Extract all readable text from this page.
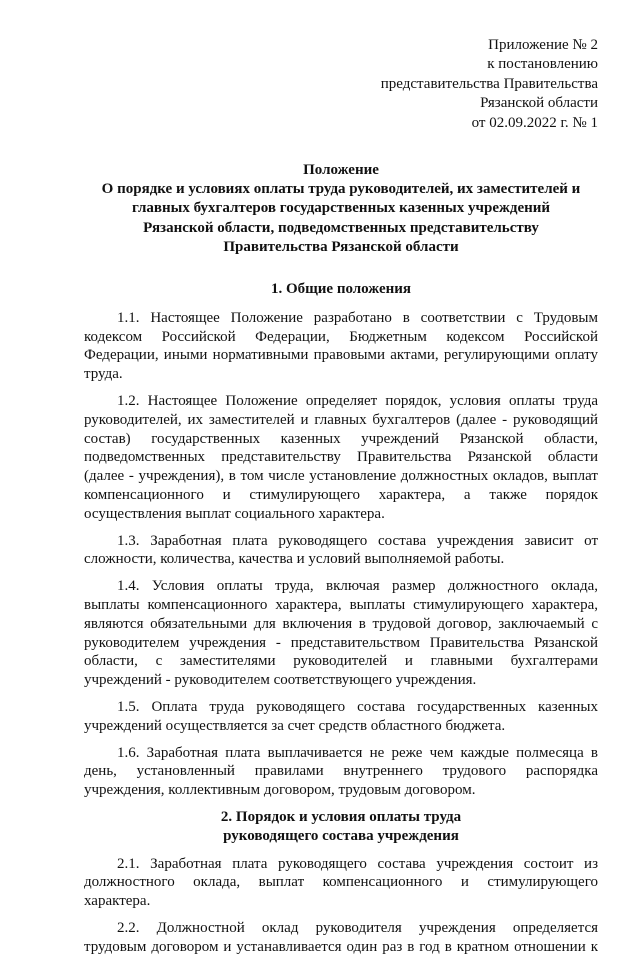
Приложение № 2
к постановлению
представительства Правительства
Рязанской области
от 02.09.2022 г. № 1
Положение
О порядке и условиях оплаты труда руководителей, их заместителей и
главных бухгалтеров государственных казенных учреждений
Рязанской области, подведомственных представительству
Правительства Рязанской области
1. Общие положения
1.1. Настоящее Положение разработано в соответствии с Трудовым
кодексом Российской Федерации, Бюджетным кодексом Российской
Федерации, иными нормативными правовыми актами, регулирующими оплату
труда.
1.2. Настоящее Положение определяет порядок, условия оплаты труда
руководителей, их заместителей и главных бухгалтеров (далее - руководящий
состав) государственных казенных учреждений Рязанской области,
подведомственных представительству Правительства Рязанской области
(далее - учреждения), в том числе установление должностных окладов, выплат
компенсационного и стимулирующего характера, а также порядок
осуществления выплат социального характера.
1.3. Заработная плата руководящего состава учреждения зависит от
сложности, количества, качества и условий выполняемой работы.
1.4. Условия оплаты труда, включая размер должностного оклада,
выплаты компенсационного характера, выплаты стимулирующего характера,
являются обязательными для включения в трудовой договор, заключаемый с
руководителем учреждения - представительством Правительства Рязанской
области, с заместителями руководителей и главными бухгалтерами
учреждений - руководителем соответствующего учреждения.
1.5. Оплата труда руководящего состава государственных казенных
учреждений осуществляется за счет средств областного бюджета.
1.6. Заработная плата выплачивается не реже чем каждые полмесяца в
день, установленный правилами внутреннего трудового распорядка
учреждения, коллективным договором, трудовым договором.
2. Порядок и условия оплаты труда
руководящего состава учреждения
2.1. Заработная плата руководящего состава учреждения состоит из
должностного оклада, выплат компенсационного и стимулирующего
характера.
2.2. Должностной оклад руководителя учреждения определяется
трудовым договором и устанавливается один раз в год в кратном отношении к
